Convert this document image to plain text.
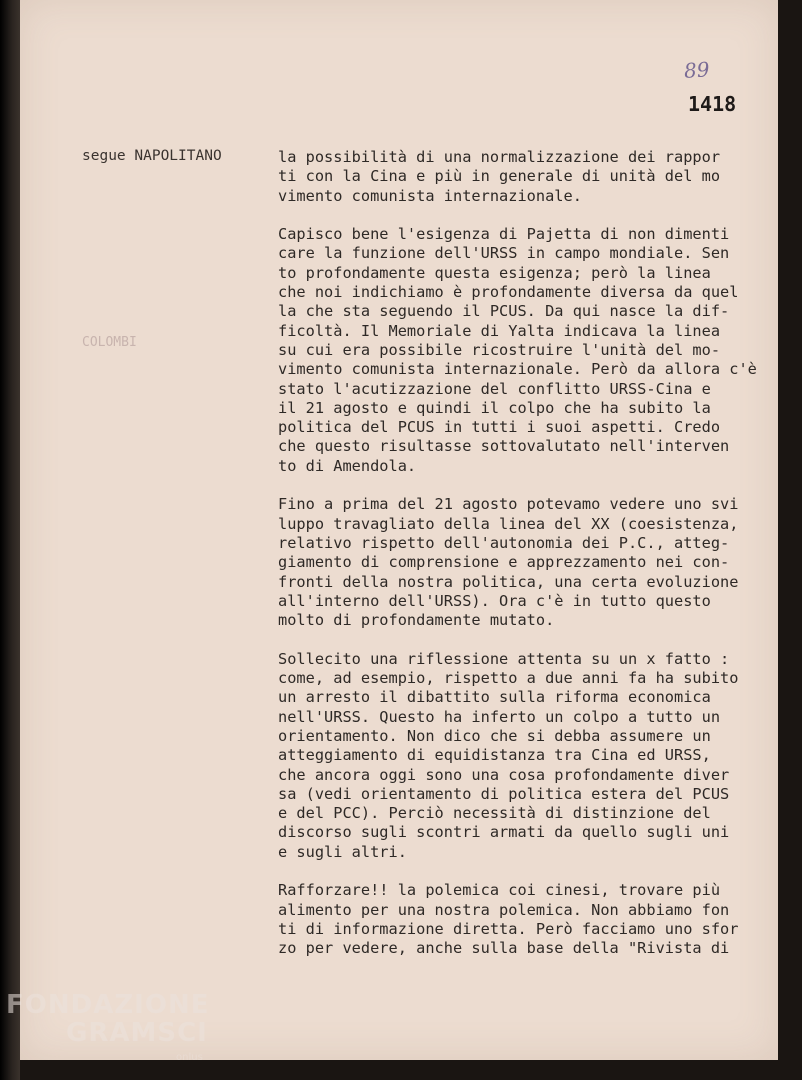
89
1418
segue NAPOLITANO
COLOMBI
la possibilità di una normalizzazione dei rappor
ti con la Cina e più in generale di unità del mo
vimento comunista internazionale.
Capisco bene l'esigenza di Pajetta di non dimenti
care la funzione dell'URSS in campo mondiale. Sen
to profondamente questa esigenza; però la linea
che noi indichiamo è profondamente diversa da quel
la che sta seguendo il PCUS. Da qui nasce la dif-
ficoltà. Il Memoriale di Yalta indicava la linea
su cui era possibile ricostruire l'unità del mo-
vimento comunista internazionale. Però da allora c'è
stato l'acutizzazione del conflitto URSS-Cina e
il 21 agosto e quindi il colpo che ha subito la
politica del PCUS in tutti i suoi aspetti. Credo
che questo risultasse sottovalutato nell'interven
to di Amendola.
Fino a prima del 21 agosto potevamo vedere uno svi
luppo travagliato della linea del XX (coesistenza,
relativo rispetto dell'autonomia dei P.C., atteg-
giamento di comprensione e apprezzamento nei con-
fronti della nostra politica, una certa evoluzione
all'interno dell'URSS). Ora c'è in tutto questo
molto di profondamente mutato.
Sollecito una riflessione attenta su un x fatto :
come, ad esempio, rispetto a due anni fa ha subito
un arresto il dibattito sulla riforma economica
nell'URSS. Questo ha inferto un colpo a tutto un
orientamento. Non dico che si debba assumere un
atteggiamento di equidistanza tra Cina ed URSS,
che ancora oggi sono una cosa profondamente diver
sa (vedi orientamento di politica estera del PCUS
e del PCC). Perciò necessità di distinzione del
discorso sugli scontri armati da quello sugli uni
e sugli altri.
Rafforzare!! la polemica coi cinesi, trovare più
alimento per una nostra polemica. Non abbiamo fon
ti di informazione diretta. Però facciamo uno sfor
zo per vedere, anche sulla base della "Rivista di
FONDAZIONE
GRAMSCI
onlus
